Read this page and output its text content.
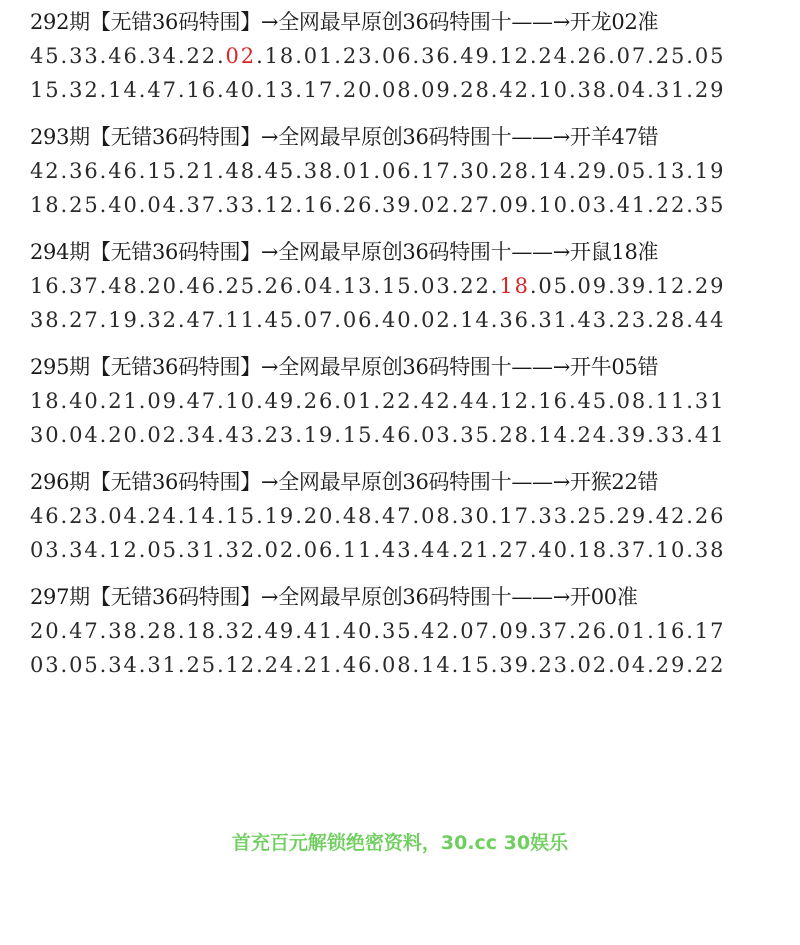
292期【无错36码特围】→全网最早原创36码特围十——→开龙02准
45.33.46.34.22.02.18.01.23.06.36.49.12.24.26.07.25.05
15.32.14.47.16.40.13.17.20.08.09.28.42.10.38.04.31.29
293期【无错36码特围】→全网最早原创36码特围十——→开羊47错
42.36.46.15.21.48.45.38.01.06.17.30.28.14.29.05.13.19
18.25.40.04.37.33.12.16.26.39.02.27.09.10.03.41.22.35
294期【无错36码特围】→全网最早原创36码特围十——→开鼠18准
16.37.48.20.46.25.26.04.13.15.03.22.18.05.09.39.12.29
38.27.19.32.47.11.45.07.06.40.02.14.36.31.43.23.28.44
295期【无错36码特围】→全网最早原创36码特围十——→开牛05错
18.40.21.09.47.10.49.26.01.22.42.44.12.16.45.08.11.31
30.04.20.02.34.43.23.19.15.46.03.35.28.14.24.39.33.41
296期【无错36码特围】→全网最早原创36码特围十——→开猴22错
46.23.04.24.14.15.19.20.48.47.08.30.17.33.25.29.42.26
03.34.12.05.31.32.02.06.11.43.44.21.27.40.18.37.10.38
297期【无错36码特围】→全网最早原创36码特围十——→开00准
20.47.38.28.18.32.49.41.40.35.42.07.09.37.26.01.16.17
03.05.34.31.25.12.24.21.46.08.14.15.39.23.02.04.29.22
首充百元解锁绝密资料，30.cc 30娱乐
